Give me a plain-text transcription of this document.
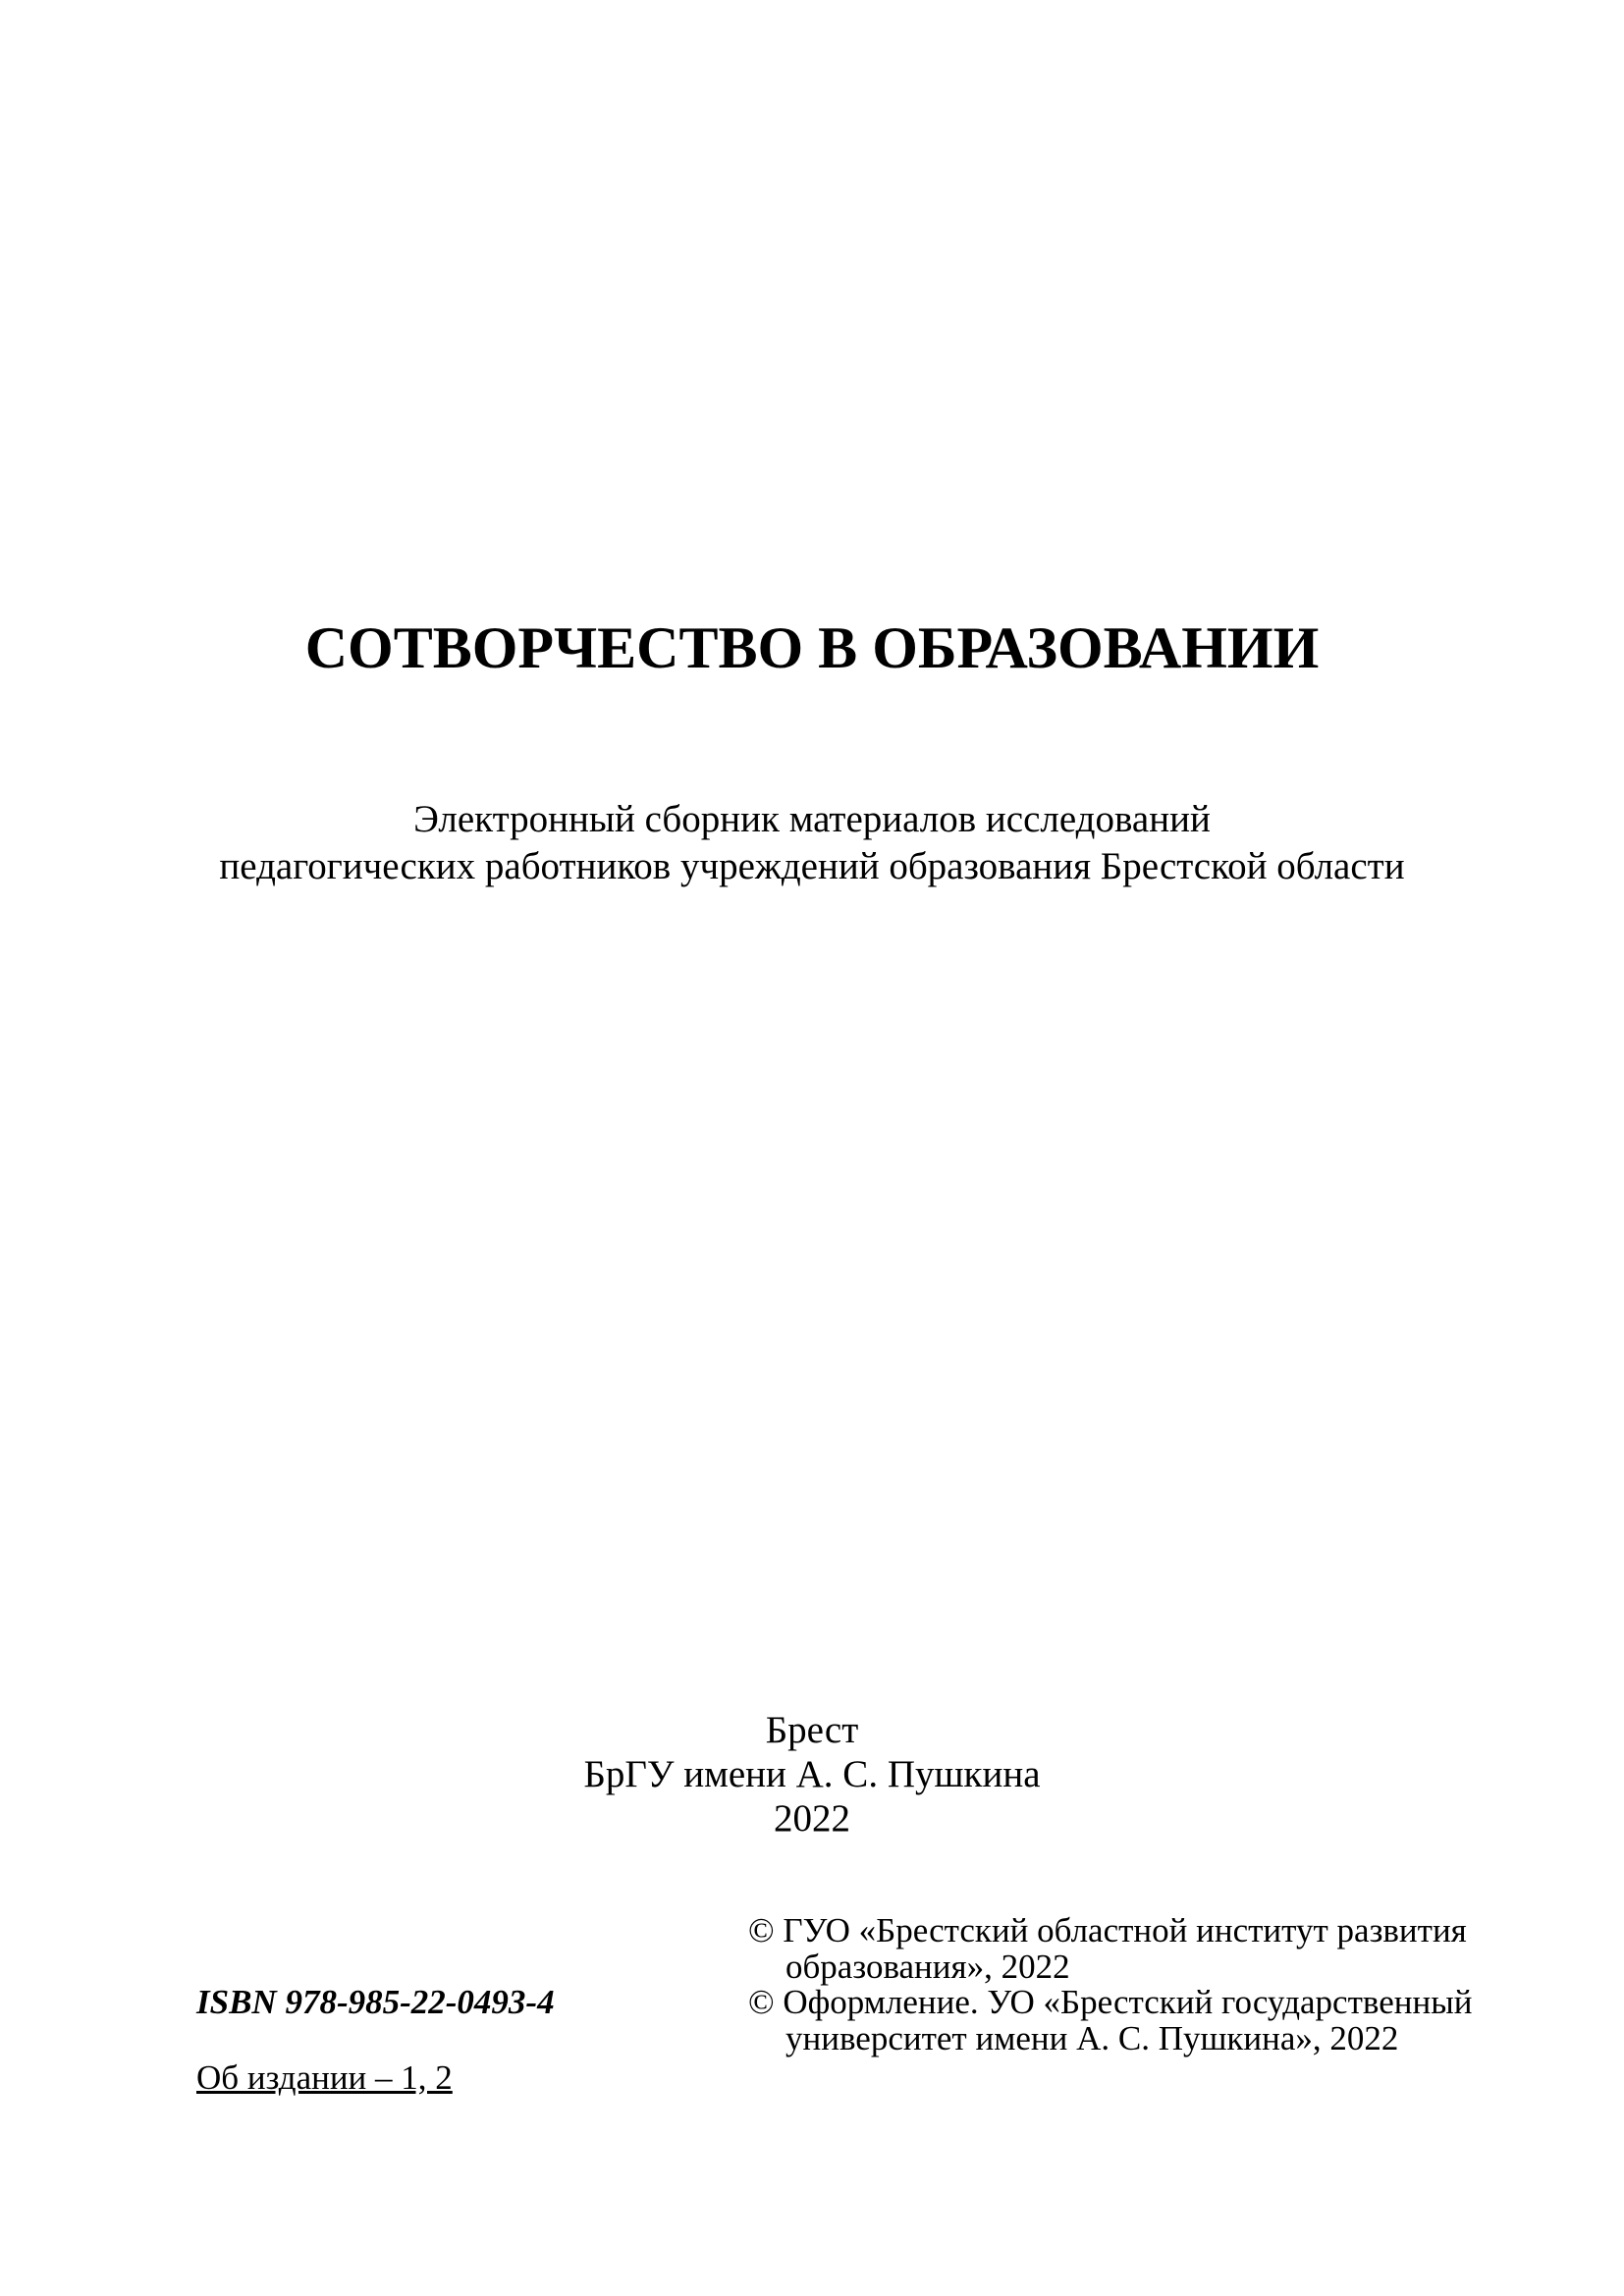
СОТВОРЧЕСТВО В ОБРАЗОВАНИИ
Электронный сборник материалов исследований
педагогических работников учреждений образования Брестской области
Брест
БрГУ имени А. С. Пушкина
2022
ISBN 978-985-22-0493-4
Об издании – 1, 2
© ГУО «Брестский областной институт развития
образования», 2022
© Оформление. УО «Брестский государственный
университет имени А. С. Пушкина», 2022
